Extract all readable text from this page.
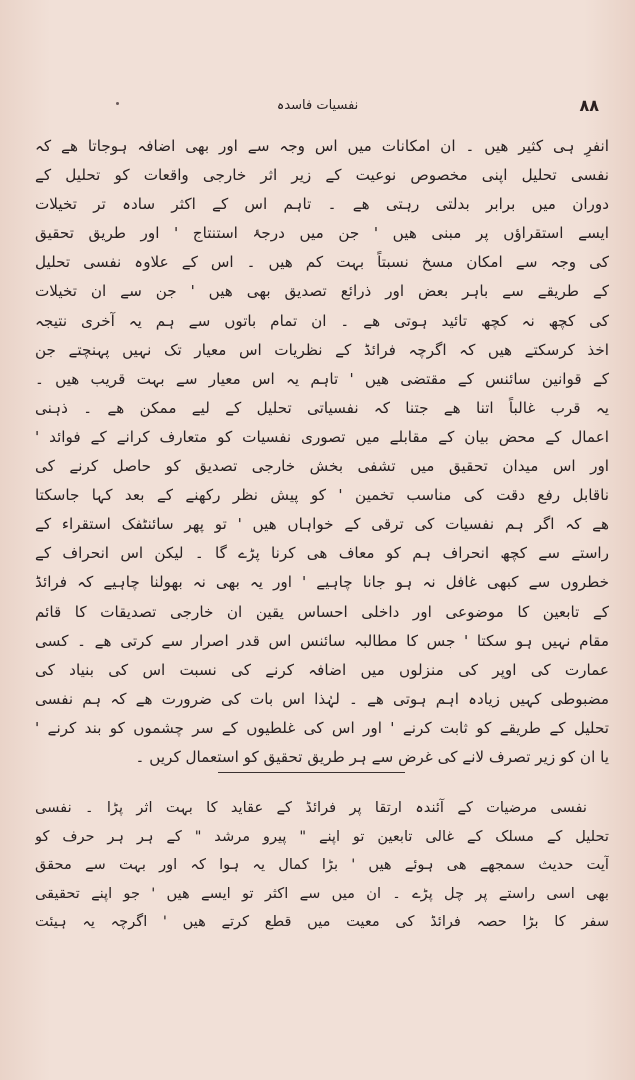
نفسیات فاسدہ	۸۸
انفرِ ہی کثیر ھیں ۔ ان امکانات میں اس وجہ سے اور بھی اضافہ ہوجاتا ھے کہ
نفسی تحلیل اپنی مخصوص نوعیت کے زیر اثر خارجی واقعات کو تحلیل کے
دوران میں برابر بدلتی رہتی ھے ۔ تاہم اس کے اکثر سادہ تر تخیلات
ایسے استقراؤں پر مبنی ھیں ' جن میں درجۂ استنتاج ' اور طریق تحقیق
کی وجہ سے امکان مسخ نسبتاً بہت کم ھیں ۔ اس کے علاوہ نفسی تحلیل
کے طریقے سے باہر بعض اور ذرائع تصدیق بھی ھیں ' جن سے ان تخیلات
کی کچھ نہ کچھ تائید ہوتی ھے ۔ ان تمام باتوں سے ہم یہ آخری نتیجہ
اخذ کرسکتے ھیں کہ اگرچہ فرائڈ کے نظریات اس معیار تک نہیں پہنچتے جن
کے قوانین سائنس کے مقتضی ھیں ' تاہم یہ اس معیار سے بہت قریب ھیں ۔
یہ قرب غالباً اتنا ھے جتنا کہ نفسیاتی تحلیل کے لیے ممکن ھے ۔ ذہنی
اعمال کے محض بیان کے مقابلے میں تصوری نفسیات کو متعارف کرانے کے فوائد '
اور اس میدان تحقیق میں تشفی بخش خارجی تصدیق کو حاصل کرنے کی
ناقابل رفع دقت کی مناسب تخمین ' کو پیش نظر رکھنے کے بعد کہا جاسکتا
ھے کہ اگر ہم نفسیات کی ترقی کے خواہاں ھیں ' تو پھر سائنٹفک استقراء کے
راستے سے کچھ انحراف ہم کو معاف ھی کرنا پڑے گا ۔ لیکن اس انحراف کے
خطروں سے کبھی غافل نہ ہو جانا چاہیے ' اور یہ بھی نہ بھولنا چاہیے کہ فرائڈ
کے تابعین کا موضوعی اور داخلی احساس یقین ان خارجی تصدیقات کا قائم
مقام نہیں ہو سکتا ' جس کا مطالبہ سائنس اس قدر اصرار سے کرتی ھے ۔ کسی
عمارت کی اوپر کی منزلوں میں اضافہ کرنے کی نسبت اس کی بنیاد کی
مضبوطی کہیں زیادہ اہم ہوتی ھے ۔ لہٰذا اس بات کی ضرورت ھے کہ ہم نفسی
تحلیل کے طریقے کو ثابت کرنے ' اور اس کی غلطیوں کے سر چشموں کو بند کرنے '
یا ان کو زیر تصرف لانے کی غرض سے ہر طریق تحقیق کو استعمال کریں ۔
نفسی مرضیات کے آئندہ ارتقا پر فرائڈ کے عقاید کا بہت اثر پڑا ۔ نفسی
تحلیل کے مسلک کے غالی تابعین تو اپنے " پیرو مرشد " کے ہر ہر حرف کو
آیت حدیث سمجھے ھی ہوئے ھیں ' بڑا کمال یہ ہوا کہ اور بہت سے محقق
بھی اسی راستے پر چل پڑے ۔ ان میں سے اکثر تو ایسے ھیں ' جو اپنے تحقیقی
سفر کا بڑا حصہ فرائڈ کی معیت میں قطع کرتے ھیں ' اگرچہ یہ ہیئت
